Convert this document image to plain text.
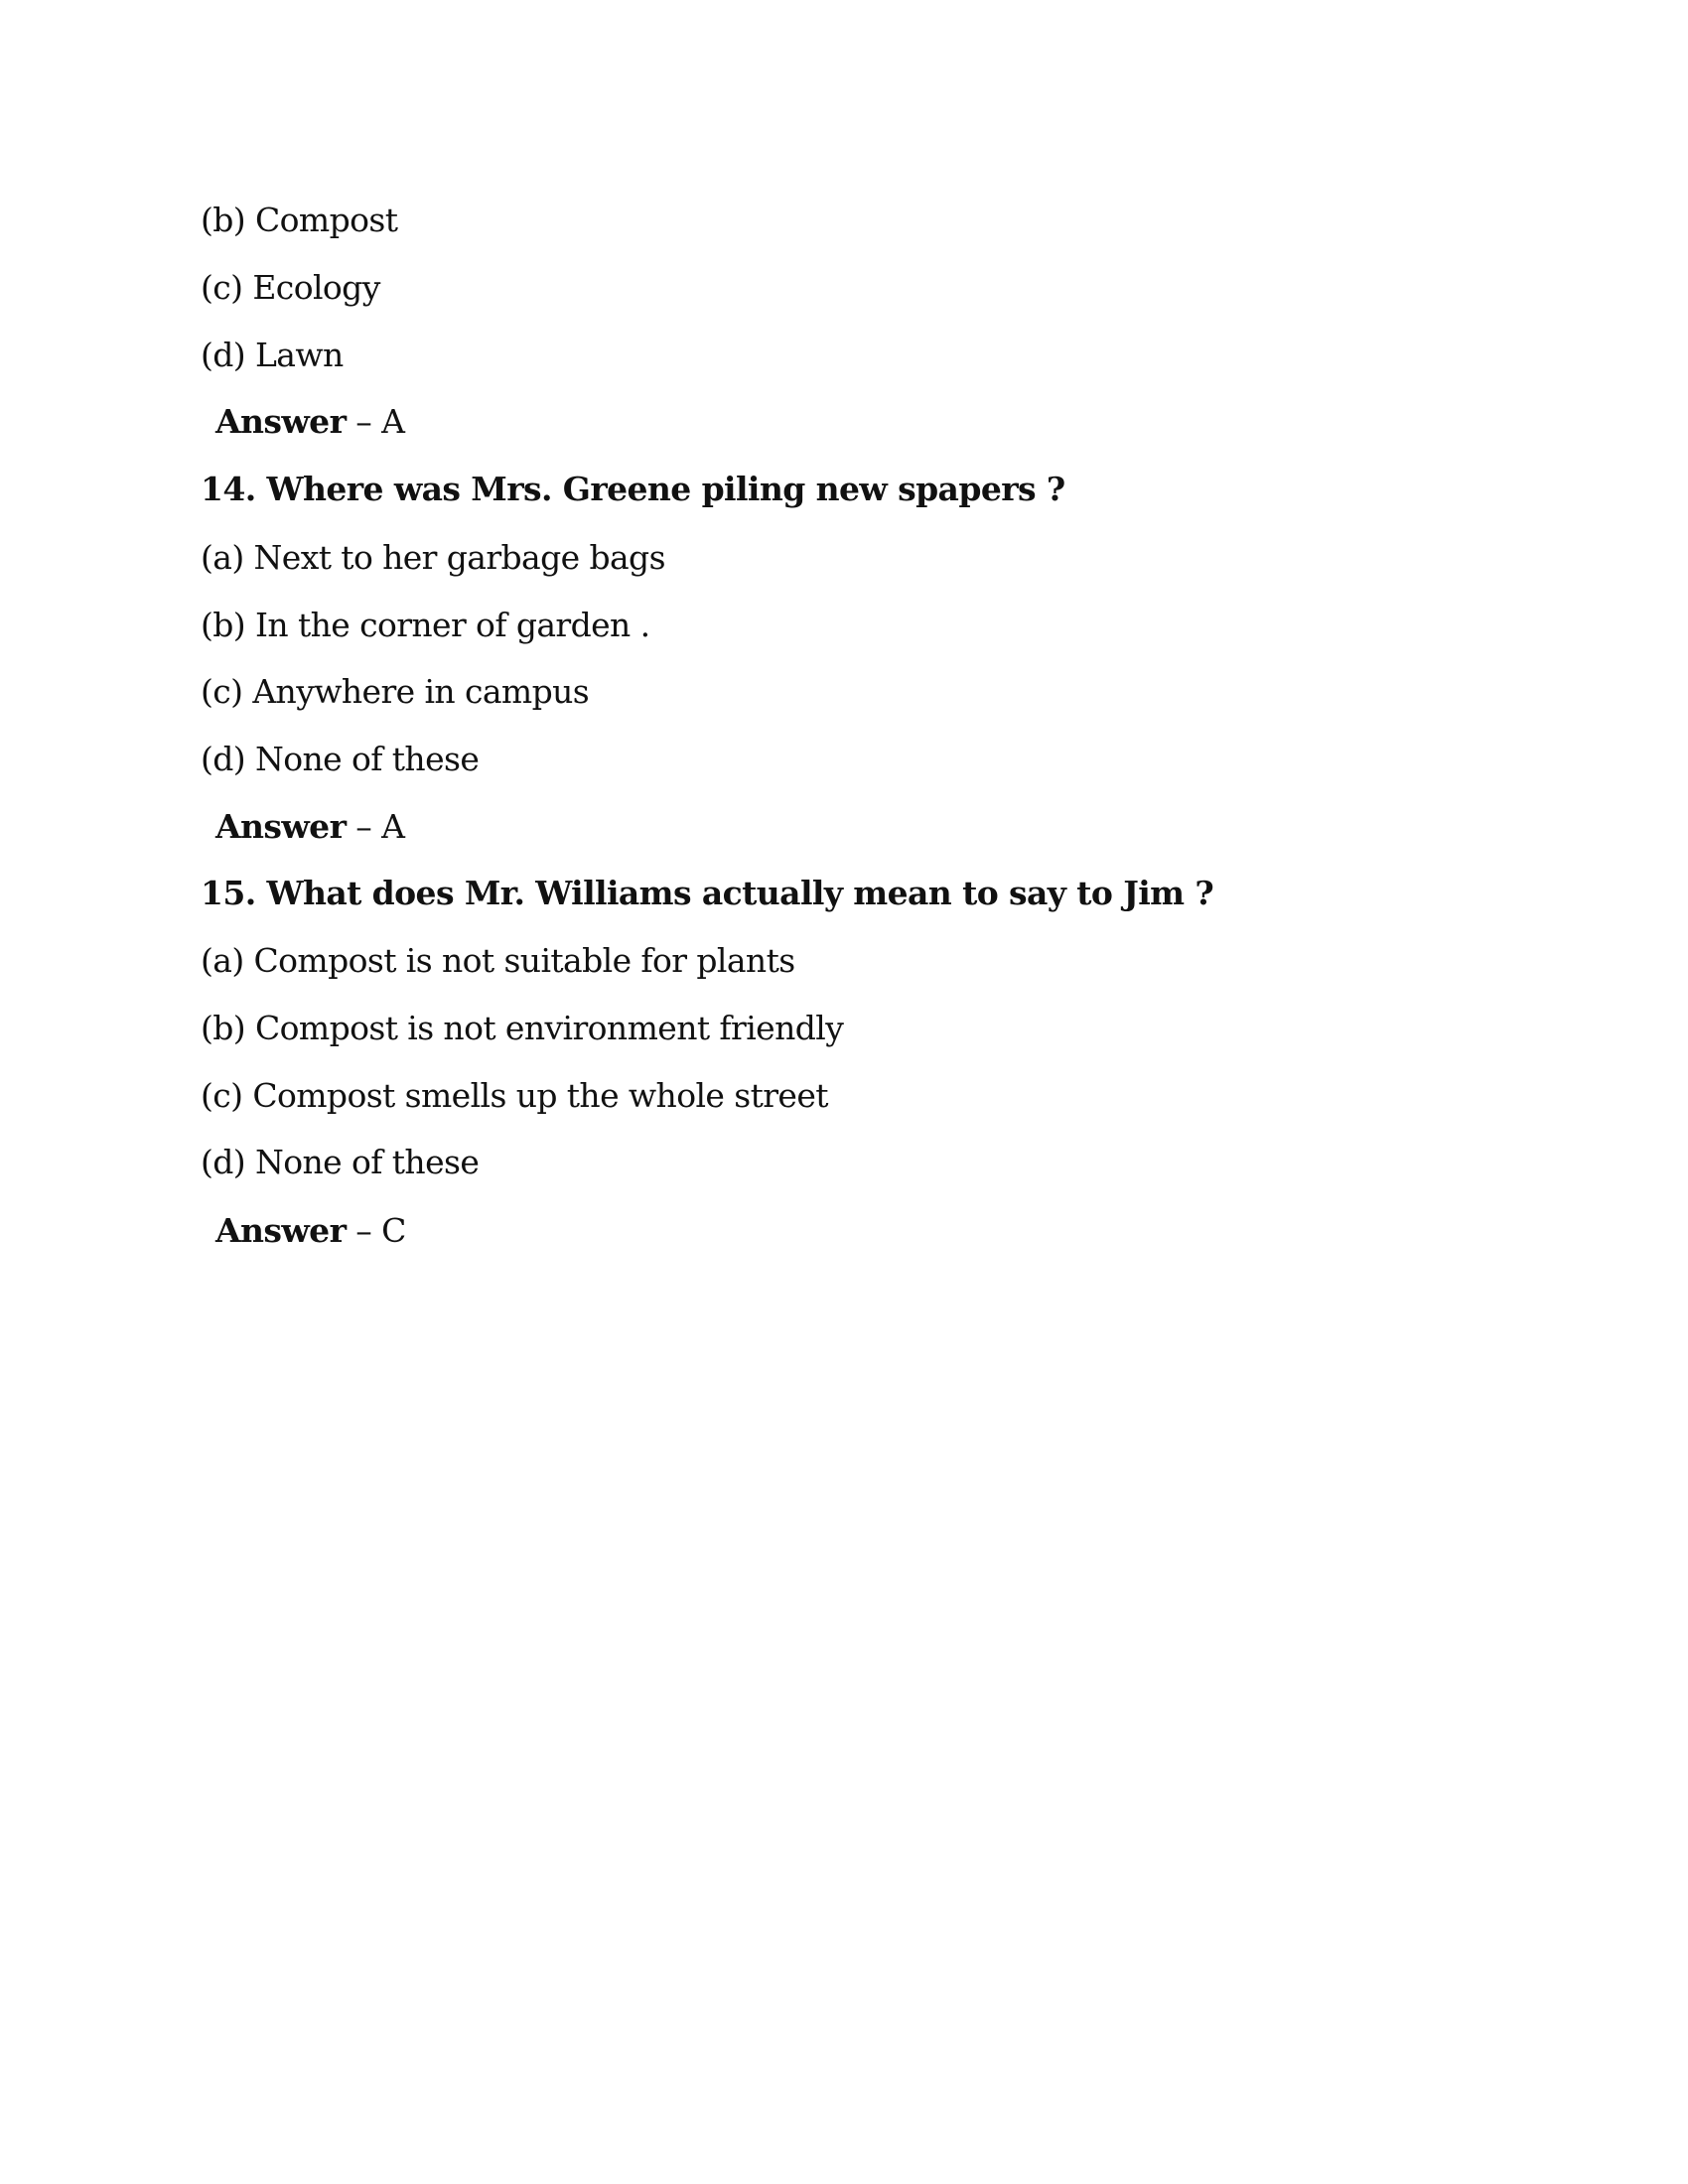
(b) Compost
(c) Ecology
(d) Lawn
Answer – A
14. Where was Mrs. Greene piling new spapers ?
(a) Next to her garbage bags
(b) In the corner of garden .
(c) Anywhere in campus
(d) None of these
Answer – A
15. What does Mr. Williams actually mean to say to Jim ?
(a) Compost is not suitable for plants
(b) Compost is not environment friendly
(c) Compost smells up the whole street
(d) None of these
Answer – C
